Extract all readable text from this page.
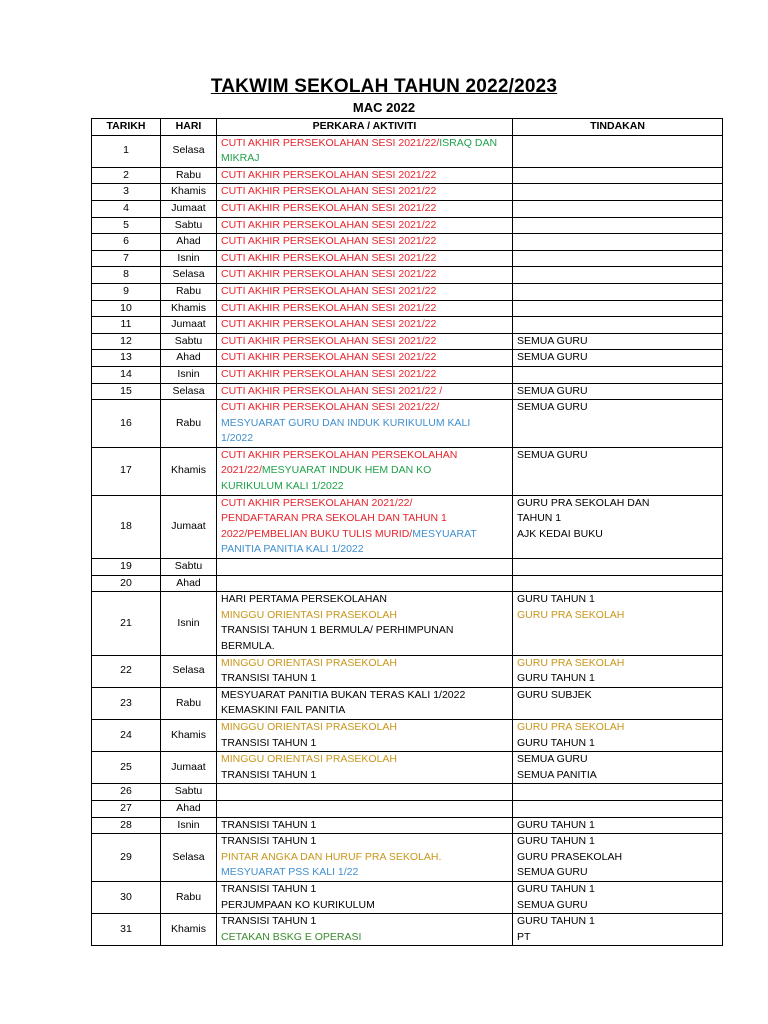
TAKWIM SEKOLAH TAHUN 2022/2023
MAC 2022
TARIKH	HARI	PERKARA / AKTIVITI	TINDAKAN
1	Selasa	CUTI AKHIR PERSEKOLAHAN SESI 2021/22/ISRAQ DAN
MIKRAJ	

2	Rabu	CUTI AKHIR PERSEKOLAHAN SESI 2021/22	

3	Khamis	CUTI AKHIR PERSEKOLAHAN SESI 2021/22	

4	Jumaat	CUTI AKHIR PERSEKOLAHAN SESI 2021/22	

5	Sabtu	CUTI AKHIR PERSEKOLAHAN SESI 2021/22	

6	Ahad	CUTI AKHIR PERSEKOLAHAN SESI 2021/22	

7	Isnin	CUTI AKHIR PERSEKOLAHAN SESI 2021/22	

8	Selasa	CUTI AKHIR PERSEKOLAHAN SESI 2021/22	

9	Rabu	CUTI AKHIR PERSEKOLAHAN SESI 2021/22	

10	Khamis	CUTI AKHIR PERSEKOLAHAN SESI 2021/22	

11	Jumaat	CUTI AKHIR PERSEKOLAHAN SESI 2021/22	

12	Sabtu	CUTI AKHIR PERSEKOLAHAN SESI 2021/22	SEMUA GURU

13	Ahad	CUTI AKHIR PERSEKOLAHAN SESI 2021/22	SEMUA GURU

14	Isnin	CUTI AKHIR PERSEKOLAHAN SESI 2021/22	

15	Selasa	CUTI AKHIR PERSEKOLAHAN SESI 2021/22 /	SEMUA GURU

16	Rabu	CUTI AKHIR PERSEKOLAHAN SESI 2021/22/
MESYUARAT GURU DAN INDUK KURIKULUM KALI
1/2022	SEMUA GURU

17	Khamis	CUTI AKHIR PERSEKOLAHAN PERSEKOLAHAN
2021/22/MESYUARAT INDUK HEM DAN KO
KURIKULUM KALI 1/2022	SEMUA GURU

18	Jumaat	CUTI AKHIR PERSEKOLAHAN 2021/22/
PENDAFTARAN PRA SEKOLAH DAN TAHUN 1
2022/PEMBELIAN BUKU TULIS MURID/MESYUARAT
PANITIA PANITIA KALI 1/2022	GURU PRA SEKOLAH DAN
TAHUN 1
AJK KEDAI BUKU

19	Sabtu		
20	Ahad		
21	Isnin	HARI PERTAMA PERSEKOLAHAN
MINGGU ORIENTASI PRASEKOLAH
TRANSISI TAHUN 1 BERMULA/ PERHIMPUNAN
BERMULA.	GURU TAHUN 1
GURU PRA SEKOLAH

22	Selasa	MINGGU ORIENTASI PRASEKOLAH
TRANSISI TAHUN 1	GURU PRA SEKOLAH
GURU TAHUN 1

23	Rabu	MESYUARAT PANITIA BUKAN TERAS KALI 1/2022
KEMASKINI FAIL PANITIA	GURU SUBJEK

24	Khamis	MINGGU ORIENTASI PRASEKOLAH
TRANSISI TAHUN 1	GURU PRA SEKOLAH
GURU TAHUN 1

25	Jumaat	MINGGU ORIENTASI PRASEKOLAH
TRANSISI TAHUN 1	SEMUA GURU
SEMUA PANITIA

26	Sabtu		
27	Ahad		
28	Isnin	TRANSISI TAHUN 1	GURU TAHUN 1

29	Selasa	TRANSISI TAHUN 1
PINTAR ANGKA DAN HURUF PRA SEKOLAH.
MESYUARAT PSS KALI 1/22	GURU TAHUN 1
GURU PRASEKOLAH
SEMUA GURU

30	Rabu	TRANSISI TAHUN 1
PERJUMPAAN KO KURIKULUM	GURU TAHUN 1
SEMUA GURU

31	Khamis	TRANSISI TAHUN 1
CETAKAN BSKG E OPERASI	GURU TAHUN 1
PT
